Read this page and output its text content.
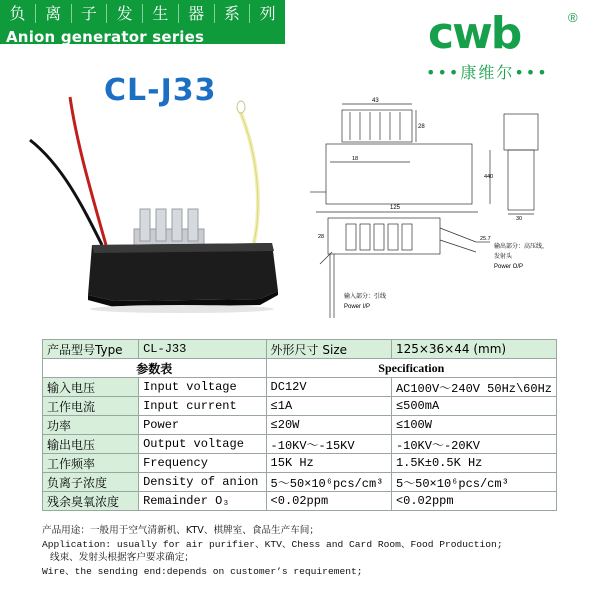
负	离	子	发	生	器	系	列
Anion generator series	cwb	®
•••康维尔•••
CL-J33	43
28
18
125
440
30
28	25.7
输出部分：高压线，
发射头
Power O/P
输入部分：引线
Power I/P
产品型号Type	CL-J33	外形尺寸 Size	125×36×44 (mm)
参数表		Specification	
输入电压	Input voltage	DC12V	AC100V～240V 50Hz\60Hz
工作电流	Input current	≤1A	≤500mA
功率	Power	≤20W	≤100W
输出电压	Output voltage	-10KV～-15KV	-10KV～-20KV
工作频率	Frequency	15K Hz	1.5K±0.5K Hz
负离子浓度	Density of anion	5～50×10⁶pcs/cm³	5～50×10⁶pcs/cm³
残余臭氧浓度	Remainder O₃	<0.02ppm	<0.02ppm
产品用途：一般用于空气清新机、KTV、棋牌室、食品生产车间；
Application: usually for air purifier、KTV、Chess and Card Room、Food Production;
线束、发射头根据客户要求确定；
Wire、the sending end:depends on customer’s requirement;
